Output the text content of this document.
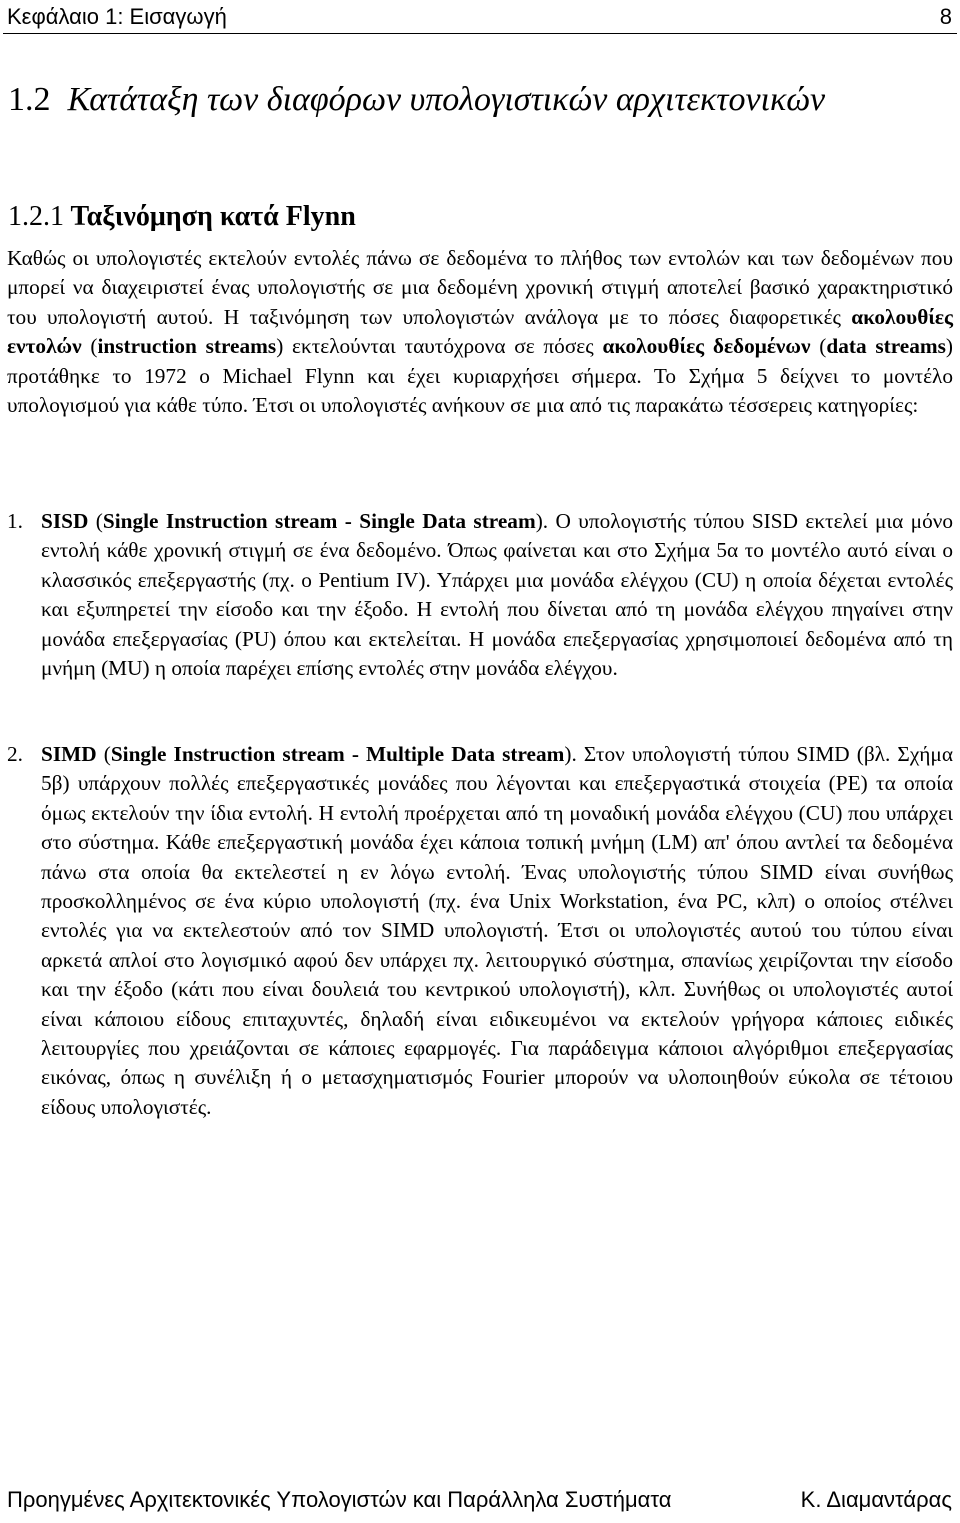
Κεφάλαιο 1: Εισαγωγή	8
1.2 Κατάταξη των διαφόρων υπολογιστικών αρχιτεκτονικών
1.2.1 Ταξινόμηση κατά Flynn

Καθώς οι υπολογιστές εκτελούν εντολές πάνω σε δεδομένα το πλήθος των εντολών και των δεδομένων που μπορεί να διαχειριστεί ένας υπολογιστής σε μια δεδομένη χρονική στιγμή αποτελεί βασικό χαρακτηριστικό του υπολογιστή αυτού. Η ταξινόμηση των υπολογιστών ανάλογα με το πόσες διαφορετικές ακολουθίες εντολών (instruction streams) εκτελούνται ταυτόχρονα σε πόσες ακολουθίες δεδομένων (data streams) προτάθηκε το 1972 ο Michael Flynn και έχει κυριαρχήσει σήμερα. Το Σχήμα 5 δείχνει το μοντέλο υπολογισμού για κάθε τύπο. Έτσι οι υπολογιστές ανήκουν σε μια από τις παρακάτω τέσσερεις κατηγορίες:

1. SISD (Single Instruction stream - Single Data stream). Ο υπολογιστής τύπου SISD εκτελεί μια μόνο εντολή κάθε χρονική στιγμή σε ένα δεδομένο. Όπως φαίνεται και στο Σχήμα 5α το μοντέλο αυτό είναι ο κλασσικός επεξεργαστής (πχ. ο Pentium IV). Υπάρχει μια μονάδα ελέγχου (CU) η οποία δέχεται εντολές και εξυπηρετεί την είσοδο και την έξοδο. Η εντολή που δίνεται από τη μονάδα ελέγχου πηγαίνει στην μονάδα επεξεργασίας (PU) όπου και εκτελείται. Η μονάδα επεξεργασίας χρησιμοποιεί δεδομένα από τη μνήμη (MU) η οποία παρέχει επίσης εντολές στην μονάδα ελέγχου.
2. SIMD (Single Instruction stream - Multiple Data stream). Στον υπολογιστή τύπου SIMD (βλ. Σχήμα 5β) υπάρχουν πολλές επεξεργαστικές μονάδες που λέγονται και επεξεργαστικά στοιχεία (PE) τα οποία όμως εκτελούν την ίδια εντολή. Η εντολή προέρχεται από τη μοναδική μονάδα ελέγχου (CU) που υπάρχει στο σύστημα. Κάθε επεξεργαστική μονάδα έχει κάποια τοπική μνήμη (LM) απ' όπου αντλεί τα δεδομένα πάνω στα οποία θα εκτελεστεί η εν λόγω εντολή. Ένας υπολογιστής τύπου SIMD είναι συνήθως προσκολλημένος σε ένα κύριο υπολογιστή (πχ. ένα Unix Workstation, ένα PC, κλπ) ο οποίος στέλνει εντολές για να εκτελεστούν από τον SIMD υπολογιστή. Έτσι οι υπολογιστές αυτού του τύπου είναι αρκετά απλοί στο λογισμικό αφού δεν υπάρχει πχ. λειτουργικό σύστημα, σπανίως χειρίζονται την είσοδο και την έξοδο (κάτι που είναι δουλειά του κεντρικού υπολογιστή), κλπ. Συνήθως οι υπολογιστές αυτοί είναι κάποιου είδους επιταχυντές, δηλαδή είναι ειδικευμένοι να εκτελούν γρήγορα κάποιες ειδικές λειτουργίες που χρειάζονται σε κάποιες εφαρμογές. Για παράδειγμα κάποιοι αλγόριθμοι επεξεργασίας εικόνας, όπως η συνέλιξη ή ο μετασχηματισμός Fourier μπορούν να υλοποιηθούν εύκολα σε τέτοιου είδους υπολογιστές.
Προηγμένες Αρχιτεκτονικές Υπολογιστών και Παράλληλα Συστήματα	Κ. Διαμαντάρας
